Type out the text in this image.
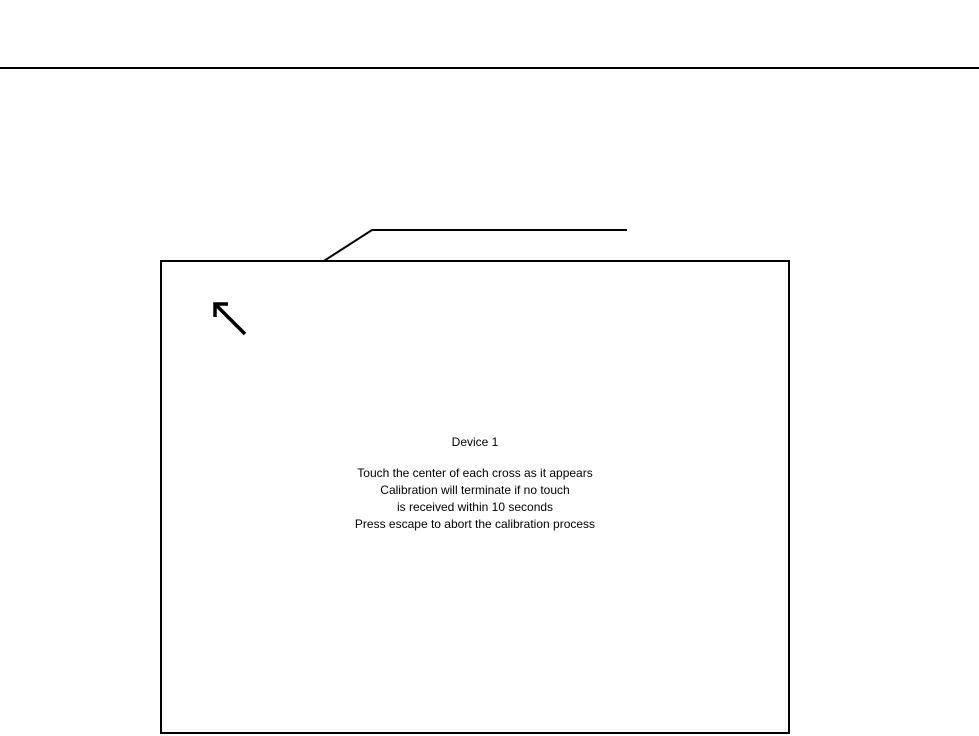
Device 1
Touch the center of each cross as it appears
Calibration will terminate if no touch
is received within 10 seconds
Press escape to abort the calibration process
